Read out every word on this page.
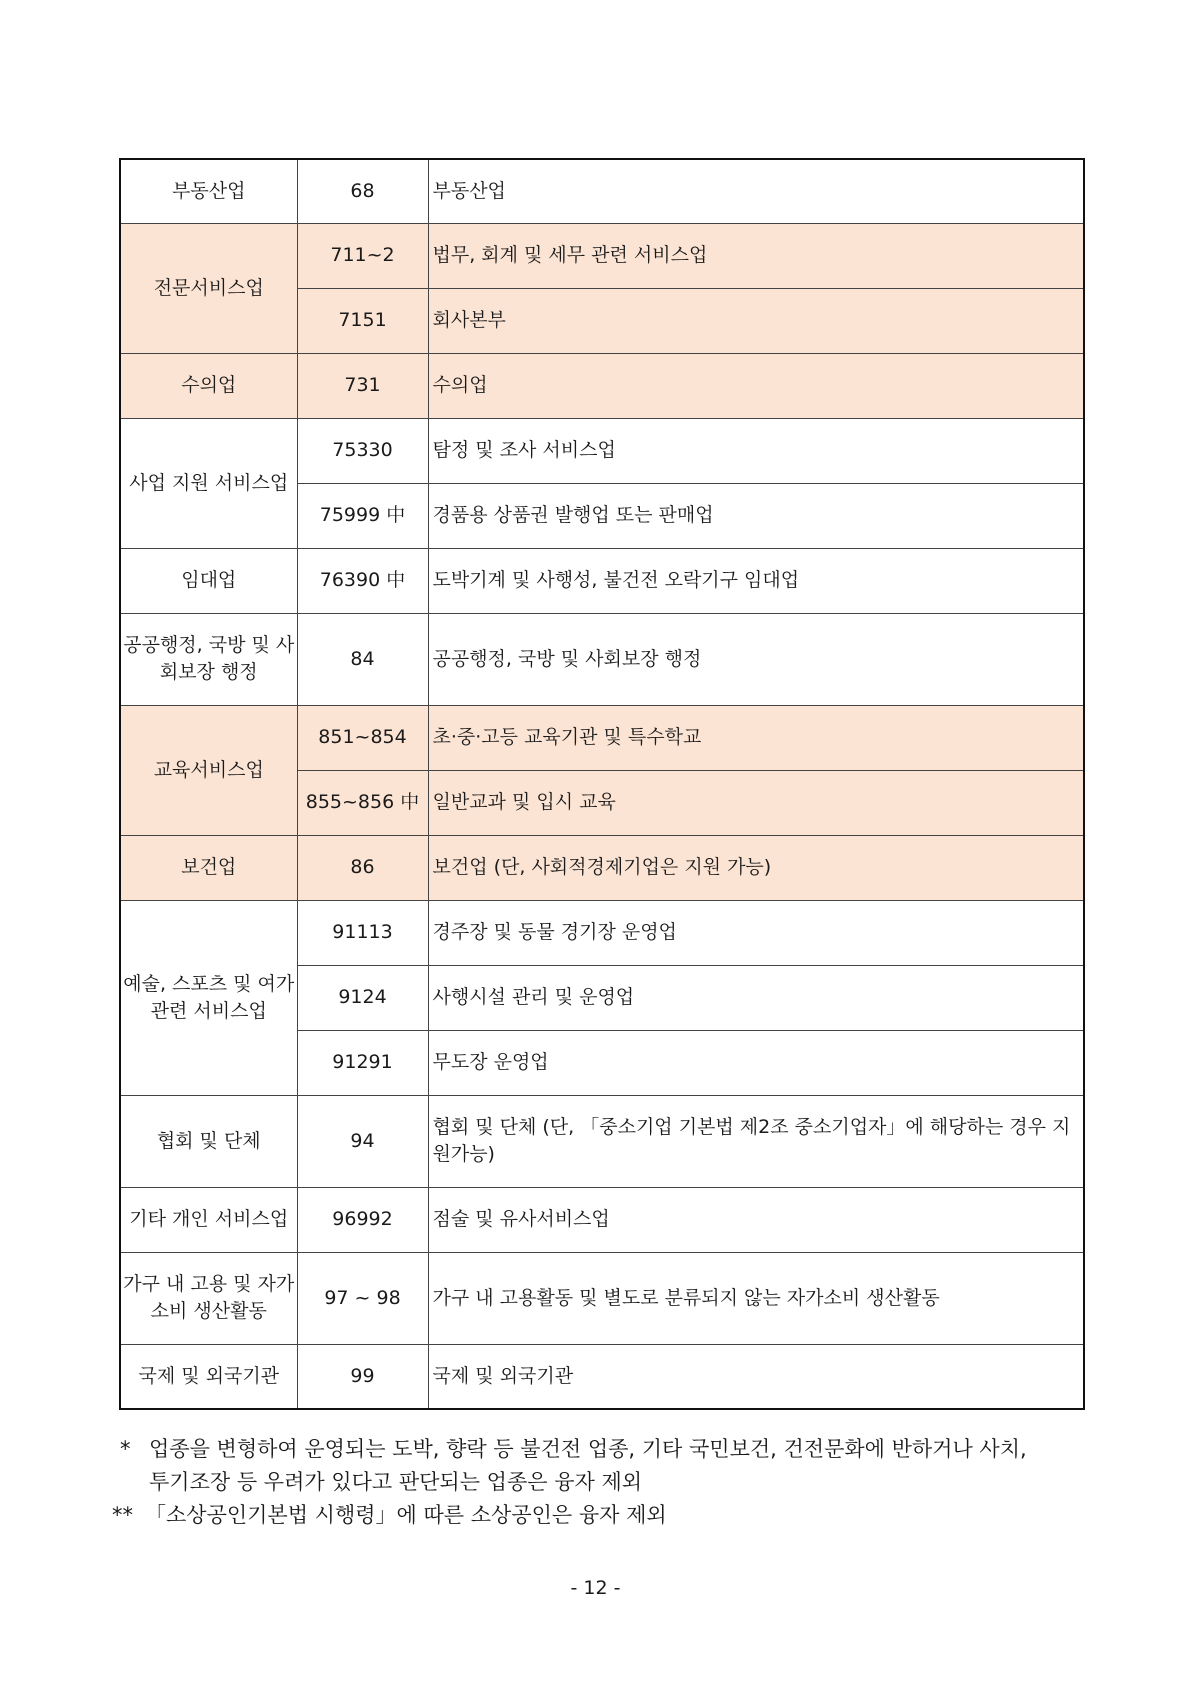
부동산업	68	부동산업
전문서비스업	711~2	법무, 회계 및 세무 관련 서비스업
	7151	회사본부
수의업	731	수의업
사업 지원 서비스업	75330	탐정 및 조사 서비스업
	75999 中	경품용 상품권 발행업 또는 판매업
임대업	76390 中	도박기계 및 사행성, 불건전 오락기구 임대업
공공행정, 국방 및 사회보장 행정	84	공공행정, 국방 및 사회보장 행정
교육서비스업	851~854	초·중·고등 교육기관 및 특수학교
	855~856 中	일반교과 및 입시 교육
보건업	86	보건업 (단, 사회적경제기업은 지원 가능)
예술, 스포츠 및 여가관련 서비스업	91113	경주장 및 동물 경기장 운영업
	9124	사행시설 관리 및 운영업
	91291	무도장 운영업
협회 및 단체	94	협회 및 단체 (단, 「중소기업 기본법 제2조 중소기업자」에 해당하는 경우 지원가능)
기타 개인 서비스업	96992	점술 및 유사서비스업
가구 내 고용 및 자가소비 생산활동	97 ~ 98	가구 내 고용활동 및 별도로 분류되지 않는 자가소비 생산활동
국제 및 외국기관	99	국제 및 외국기관
* 업종을 변형하여 운영되는 도박, 향락 등 불건전 업종, 기타 국민보건, 건전문화에 반하거나 사치,
투기조장 등 우려가 있다고 판단되는 업종은 융자 제외
** 「소상공인기본법 시행령」에 따른 소상공인은 융자 제외
- 12 -
